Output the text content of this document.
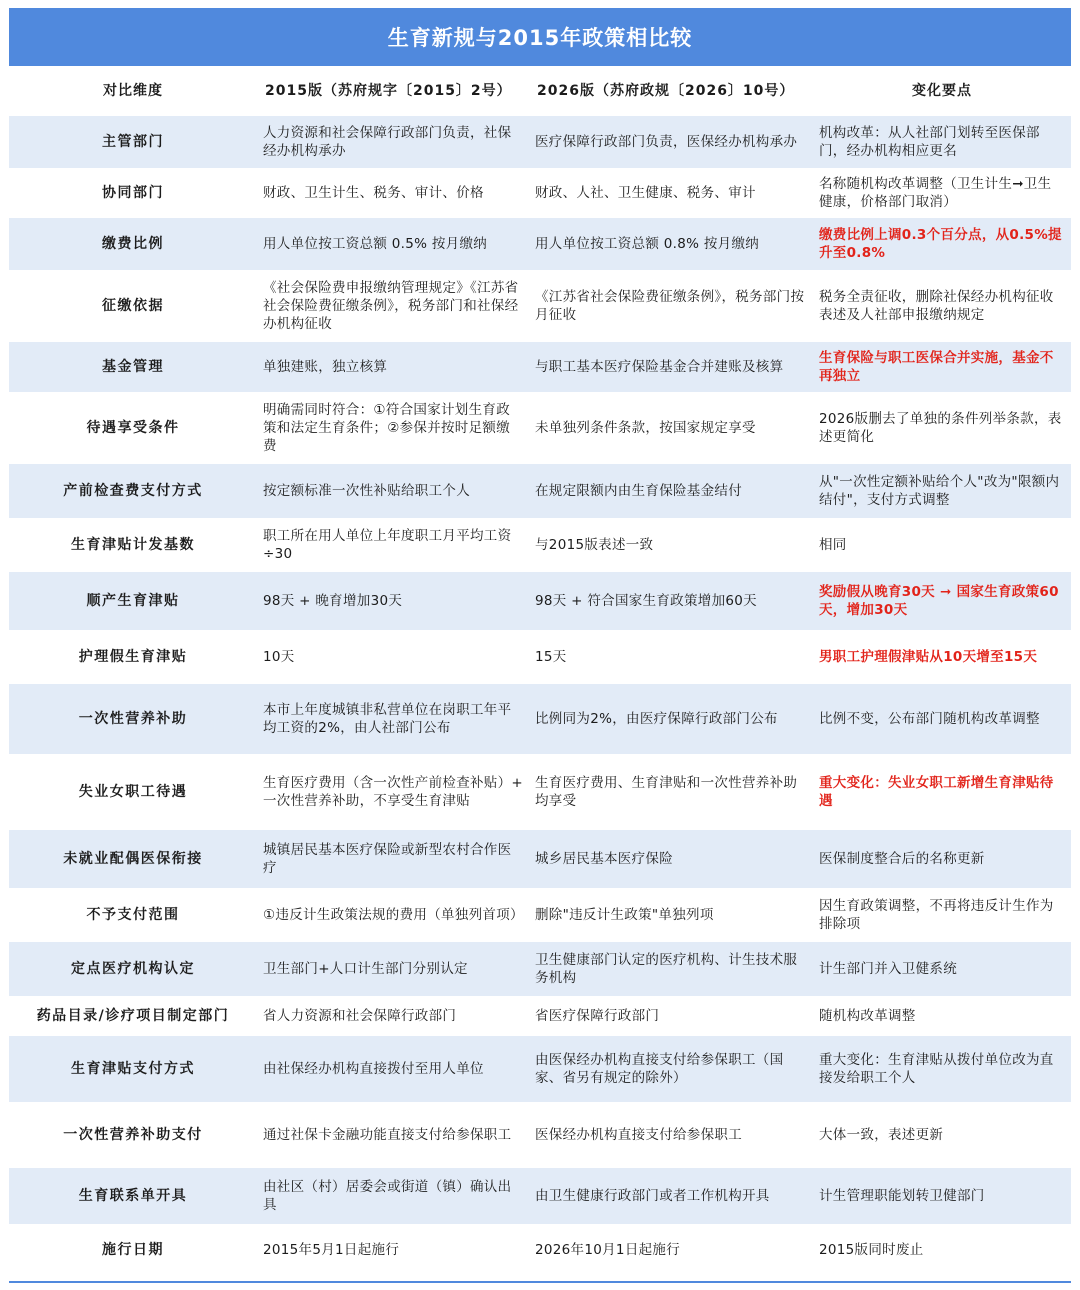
生育新规与2015年政策相比较
对比维度	2015版（苏府规字〔2015〕2号）	2026版（苏府政规〔2026〕10号）	变化要点
主管部门	人力资源和社会保障行政部门负责，社保经办机构承办	医疗保障行政部门负责，医保经办机构承办	机构改革：从人社部门划转至医保部门，经办机构相应更名
协同部门	财政、卫生计生、税务、审计、价格	财政、人社、卫生健康、税务、审计	名称随机构改革调整（卫生计生➞卫生健康，价格部门取消）
缴费比例	用人单位按工资总额 0.5% 按月缴纳	用人单位按工资总额 0.8% 按月缴纳	缴费比例上调0.3个百分点，从0.5%提升至0.8%
征缴依据	《社会保险费申报缴纳管理规定》《江苏省社会保险费征缴条例》，税务部门和社保经办机构征收	《江苏省社会保险费征缴条例》，税务部门按月征收	税务全责征收，删除社保经办机构征收表述及人社部申报缴纳规定
基金管理	单独建账，独立核算	与职工基本医疗保险基金合并建账及核算	生育保险与职工医保合并实施，基金不再独立
待遇享受条件	明确需同时符合：①符合国家计划生育政策和法定生育条件；②参保并按时足额缴费	未单独列条件条款，按国家规定享受	2026版删去了单独的条件列举条款，表述更简化
产前检查费支付方式	按定额标准一次性补贴给职工个人	在规定限额内由生育保险基金结付	从"一次性定额补贴给个人"改为"限额内结付"，支付方式调整
生育津贴计发基数	职工所在用人单位上年度职工月平均工资÷30	与2015版表述一致	相同
顺产生育津贴	98天 + 晚育增加30天	98天 + 符合国家生育政策增加60天	奖励假从晚育30天 ➞ 国家生育政策60天，增加30天
护理假生育津贴	10天	15天	男职工护理假津贴从10天增至15天
一次性营养补助	本市上年度城镇非私营单位在岗职工年平均工资的2%，由人社部门公布	比例同为2%，由医疗保障行政部门公布	比例不变，公布部门随机构改革调整
失业女职工待遇	生育医疗费用（含一次性产前检查补贴）+ 一次性营养补助，不享受生育津贴	生育医疗费用、生育津贴和一次性营养补助均享受	重大变化：失业女职工新增生育津贴待遇
未就业配偶医保衔接	城镇居民基本医疗保险或新型农村合作医疗	城乡居民基本医疗保险	医保制度整合后的名称更新
不予支付范围	①违反计生政策法规的费用（单独列首项）	删除"违反计生政策"单独列项	因生育政策调整，不再将违反计生作为排除项
定点医疗机构认定	卫生部门+人口计生部门分别认定	卫生健康部门认定的医疗机构、计生技术服务机构	计生部门并入卫健系统
药品目录/诊疗项目制定部门	省人力资源和社会保障行政部门	省医疗保障行政部门	随机构改革调整
生育津贴支付方式	由社保经办机构直接拨付至用人单位	由医保经办机构直接支付给参保职工（国家、省另有规定的除外）	重大变化：生育津贴从拨付单位改为直接发给职工个人
一次性营养补助支付	通过社保卡金融功能直接支付给参保职工	医保经办机构直接支付给参保职工	大体一致，表述更新
生育联系单开具	由社区（村）居委会或街道（镇）确认出具	由卫生健康行政部门或者工作机构开具	计生管理职能划转卫健部门
施行日期	2015年5月1日起施行	2026年10月1日起施行	2015版同时废止
